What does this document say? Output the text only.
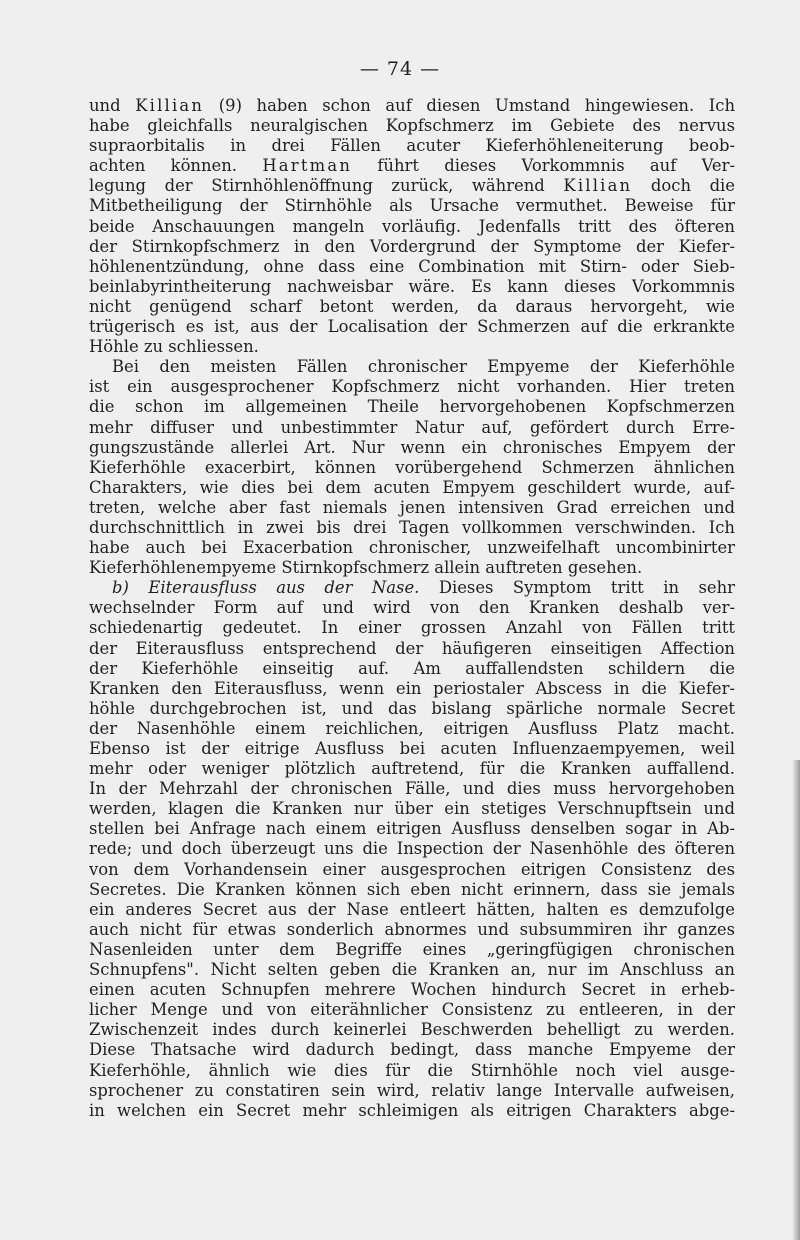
— 74 —
und Killian (9) haben schon auf diesen Umstand hingewiesen. Ich
habe gleichfalls neuralgischen Kopfschmerz im Gebiete des nervus
supraorbitalis in drei Fällen acuter Kieferhöhleneiterung beob-
achten können. Hartman führt dieses Vorkommnis auf Ver-
legung der Stirnhöhlenöffnung zurück, während Killian doch die
Mitbetheiligung der Stirnhöhle als Ursache vermuthet. Beweise für
beide Anschauungen mangeln vorläufig. Jedenfalls tritt des öfteren
der Stirnkopfschmerz in den Vordergrund der Symptome der Kiefer-
höhlenentzündung, ohne dass eine Combination mit Stirn- oder Sieb-
beinlabyrintheiterung nachweisbar wäre. Es kann dieses Vorkommnis
nicht genügend scharf betont werden, da daraus hervorgeht, wie
trügerisch es ist, aus der Localisation der Schmerzen auf die erkrankte
Höhle zu schliessen.
Bei den meisten Fällen chronischer Empyeme der Kieferhöhle
ist ein ausgesprochener Kopfschmerz nicht vorhanden. Hier treten
die schon im allgemeinen Theile hervorgehobenen Kopfschmerzen
mehr diffuser und unbestimmter Natur auf, gefördert durch Erre-
gungszustände allerlei Art. Nur wenn ein chronisches Empyem der
Kieferhöhle exacerbirt, können vorübergehend Schmerzen ähnlichen
Charakters, wie dies bei dem acuten Empyem geschildert wurde, auf-
treten, welche aber fast niemals jenen intensiven Grad erreichen und
durchschnittlich in zwei bis drei Tagen vollkommen verschwinden. Ich
habe auch bei Exacerbation chronischer, unzweifelhaft uncombinirter
Kieferhöhlenempyeme Stirnkopfschmerz allein auftreten gesehen.
b) Eiterausfluss aus der Nase. Dieses Symptom tritt in sehr
wechselnder Form auf und wird von den Kranken deshalb ver-
schiedenartig gedeutet. In einer grossen Anzahl von Fällen tritt
der Eiterausfluss entsprechend der häufigeren einseitigen Affection
der Kieferhöhle einseitig auf. Am auffallendsten schildern die
Kranken den Eiterausfluss, wenn ein periostaler Abscess in die Kiefer-
höhle durchgebrochen ist, und das bislang spärliche normale Secret
der Nasenhöhle einem reichlichen, eitrigen Ausfluss Platz macht.
Ebenso ist der eitrige Ausfluss bei acuten Influenzaempyemen, weil
mehr oder weniger plötzlich auftretend, für die Kranken auffallend.
In der Mehrzahl der chronischen Fälle, und dies muss hervorgehoben
werden, klagen die Kranken nur über ein stetiges Verschnupftsein und
stellen bei Anfrage nach einem eitrigen Ausfluss denselben sogar in Ab-
rede; und doch überzeugt uns die Inspection der Nasenhöhle des öfteren
von dem Vorhandensein einer ausgesprochen eitrigen Consistenz des
Secretes. Die Kranken können sich eben nicht erinnern, dass sie jemals
ein anderes Secret aus der Nase entleert hätten, halten es demzufolge
auch nicht für etwas sonderlich abnormes und subsummiren ihr ganzes
Nasenleiden unter dem Begriffe eines „geringfügigen chronischen
Schnupfens". Nicht selten geben die Kranken an, nur im Anschluss an
einen acuten Schnupfen mehrere Wochen hindurch Secret in erheb-
licher Menge und von eiterähnlicher Consistenz zu entleeren, in der
Zwischenzeit indes durch keinerlei Beschwerden behelligt zu werden.
Diese Thatsache wird dadurch bedingt, dass manche Empyeme der
Kieferhöhle, ähnlich wie dies für die Stirnhöhle noch viel ausge-
sprochener zu constatiren sein wird, relativ lange Intervalle aufweisen,
in welchen ein Secret mehr schleimigen als eitrigen Charakters abge-
